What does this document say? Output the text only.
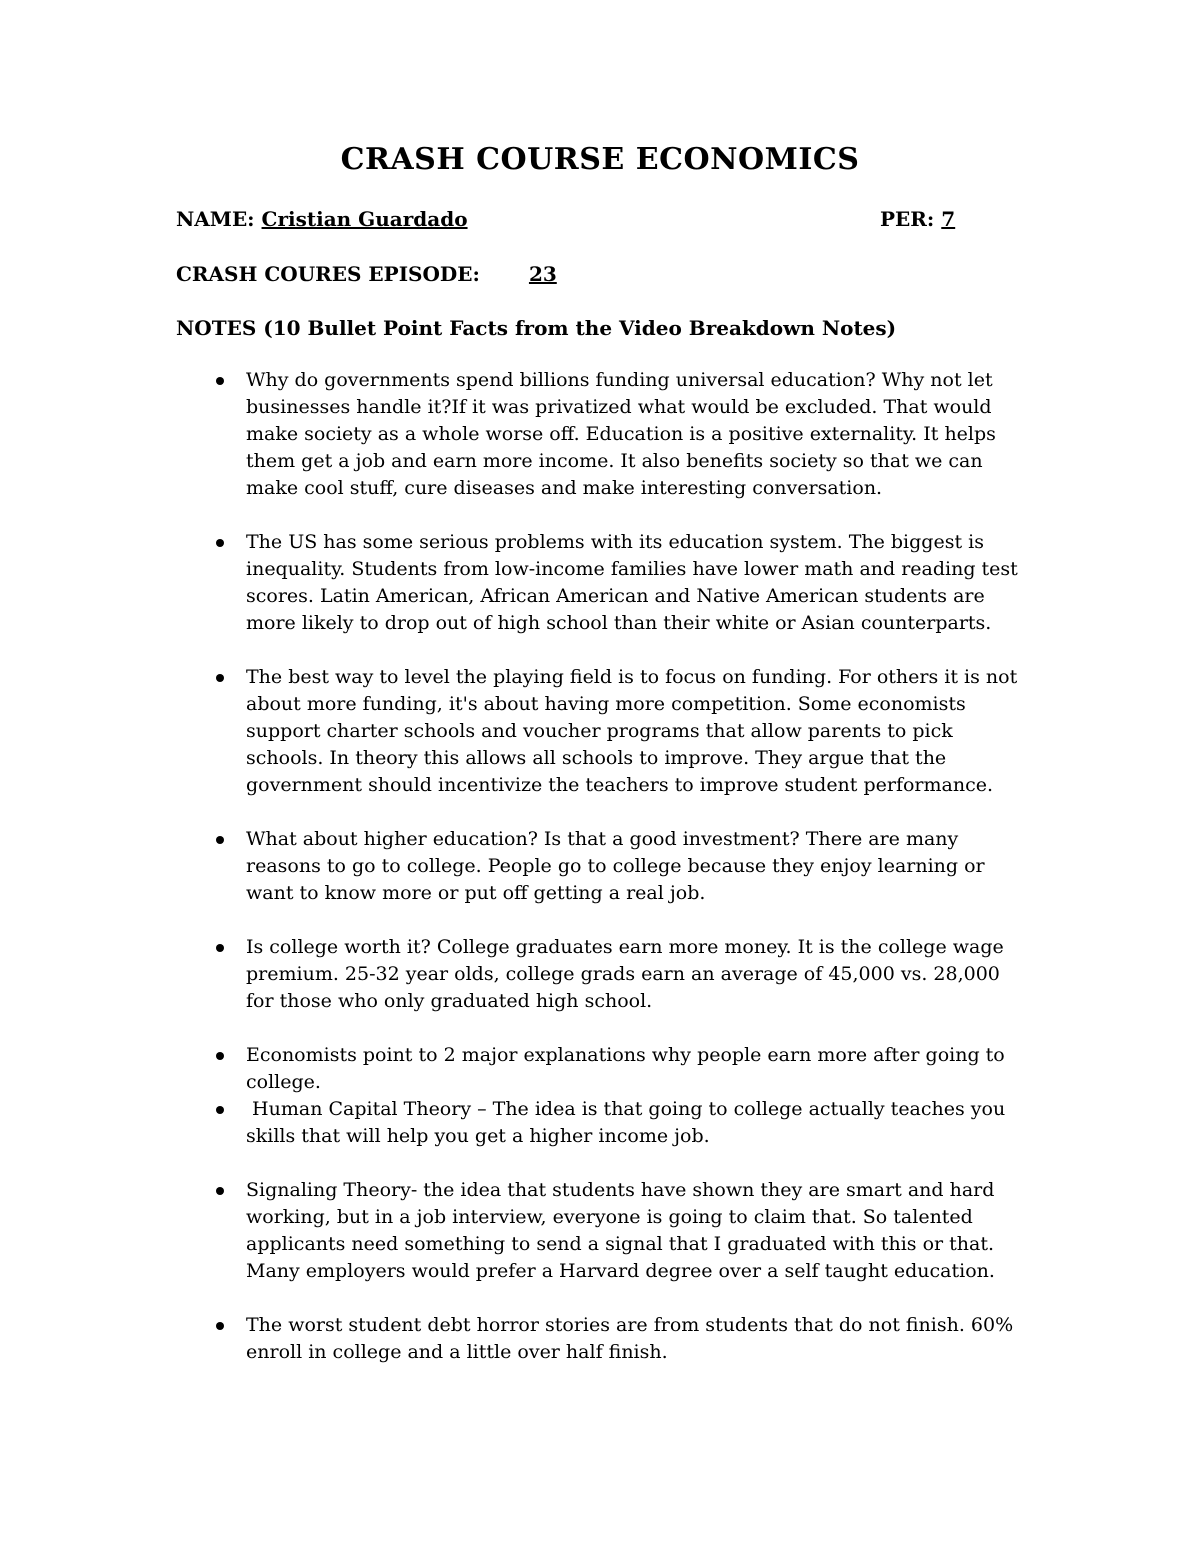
CRASH COURSE ECONOMICS
NAME: Cristian Guardado	PER: 7
CRASH COURES EPISODE: 23
NOTES (10 Bullet Point Facts from the Video Breakdown Notes)
Why do governments spend billions funding universal education? Why not let businesses handle it?If it was privatized what would be excluded. That would make society as a whole worse off. Education is a positive externality. It helps them get a job and earn more income. It also benefits society so that we can make cool stuff, cure diseases and make interesting conversation.
The US has some serious problems with its education system. The biggest is inequality. Students from low-income families have lower math and reading test scores. Latin American, African American and Native American students are more likely to drop out of high school than their white or Asian counterparts.
The best way to level the playing field is to focus on funding. For others it is not about more funding, it's about having more competition. Some economists support charter schools and voucher programs that allow parents to pick schools. In theory this allows all schools to improve. They argue that the government should incentivize the teachers to improve student performance.
What about higher education? Is that a good investment? There are many reasons to go to college. People go to college because they enjoy learning or want to know more or put off getting a real job.
Is college worth it? College graduates earn more money. It is the college wage premium. 25-32 year olds, college grads earn an average of 45,000 vs. 28,000 for those who only graduated high school.
Economists point to 2 major explanations why people earn more after going to college.
Human Capital Theory – The idea is that going to college actually teaches you skills that will help you get a higher income job.
Signaling Theory- the idea that students have shown they are smart and hard working, but in a job interview, everyone is going to claim that. So talented applicants need something to send a signal that I graduated with this or that. Many employers would prefer a Harvard degree over a self taught education.
The worst student debt horror stories are from students that do not finish. 60% enroll in college and a little over half finish.
